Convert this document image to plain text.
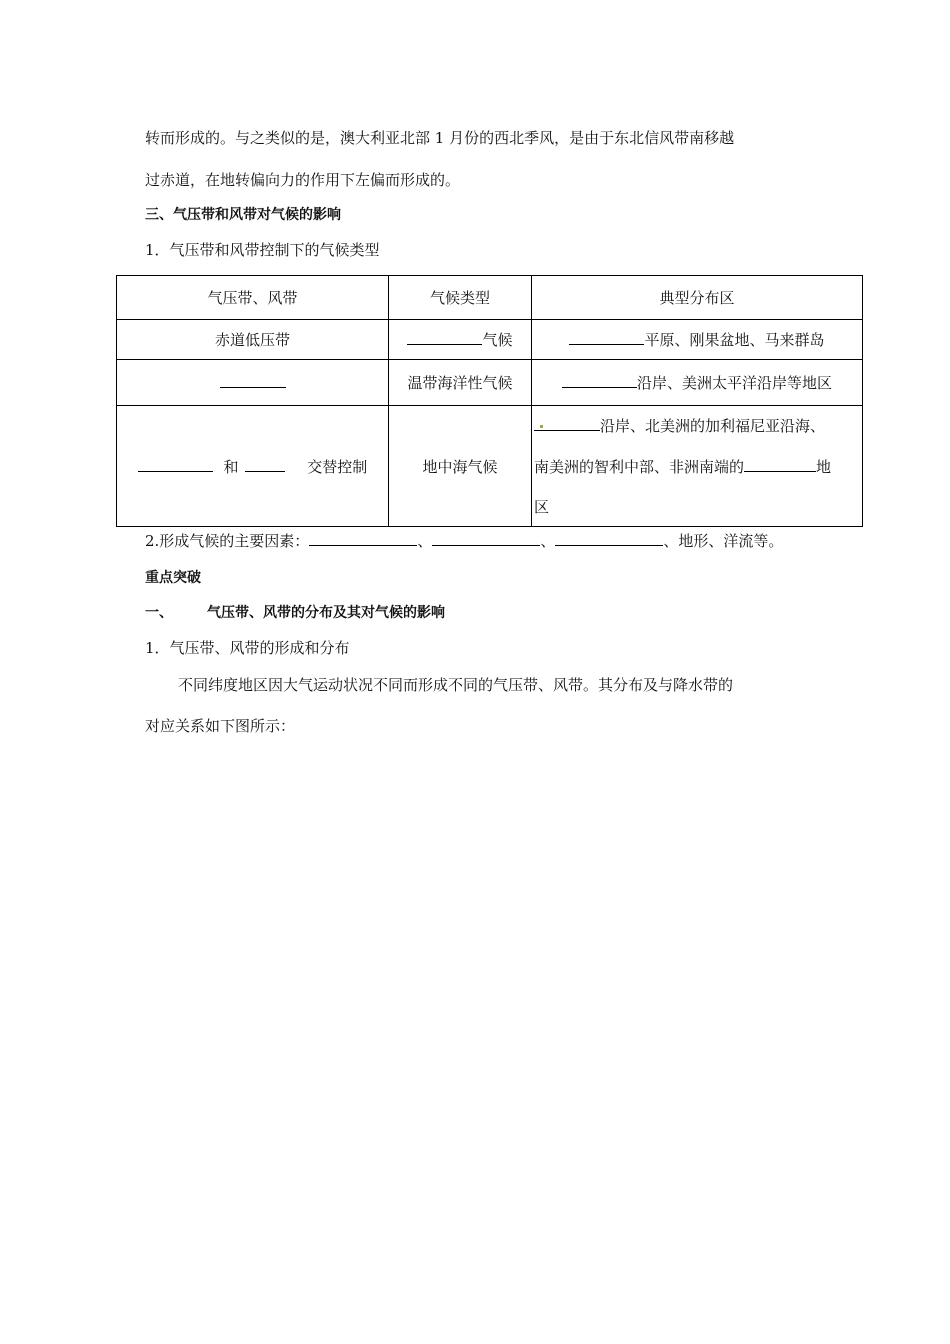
转而形成的。与之类似的是，澳大利亚北部 1 月份的西北季风，是由于东北信风带南移越
过赤道，在地转偏向力的作用下左偏而形成的。
三、气压带和风带对气候的影响
1．气压带和风带控制下的气候类型
气压带、风带	气候类型	典型分布区
赤道低压带	气候	平原、刚果盆地、马来群岛
	温带海洋性气候	沿岸、美洲太平洋沿岸等地区
和 交替控制	地中海气候	沿岸、北美洲的加利福尼亚沿海、
南美洲的智利中部、非洲南端的 地
区
2.形成气候的主要因素：	、	、	、地形、洋流等。
重点突破
一、 气压带、风带的分布及其对气候的影响
1．气压带、风带的形成和分布
不同纬度地区因大气运动状况不同而形成不同的气压带、风带。其分布及与降水带的
对应关系如下图所示：
